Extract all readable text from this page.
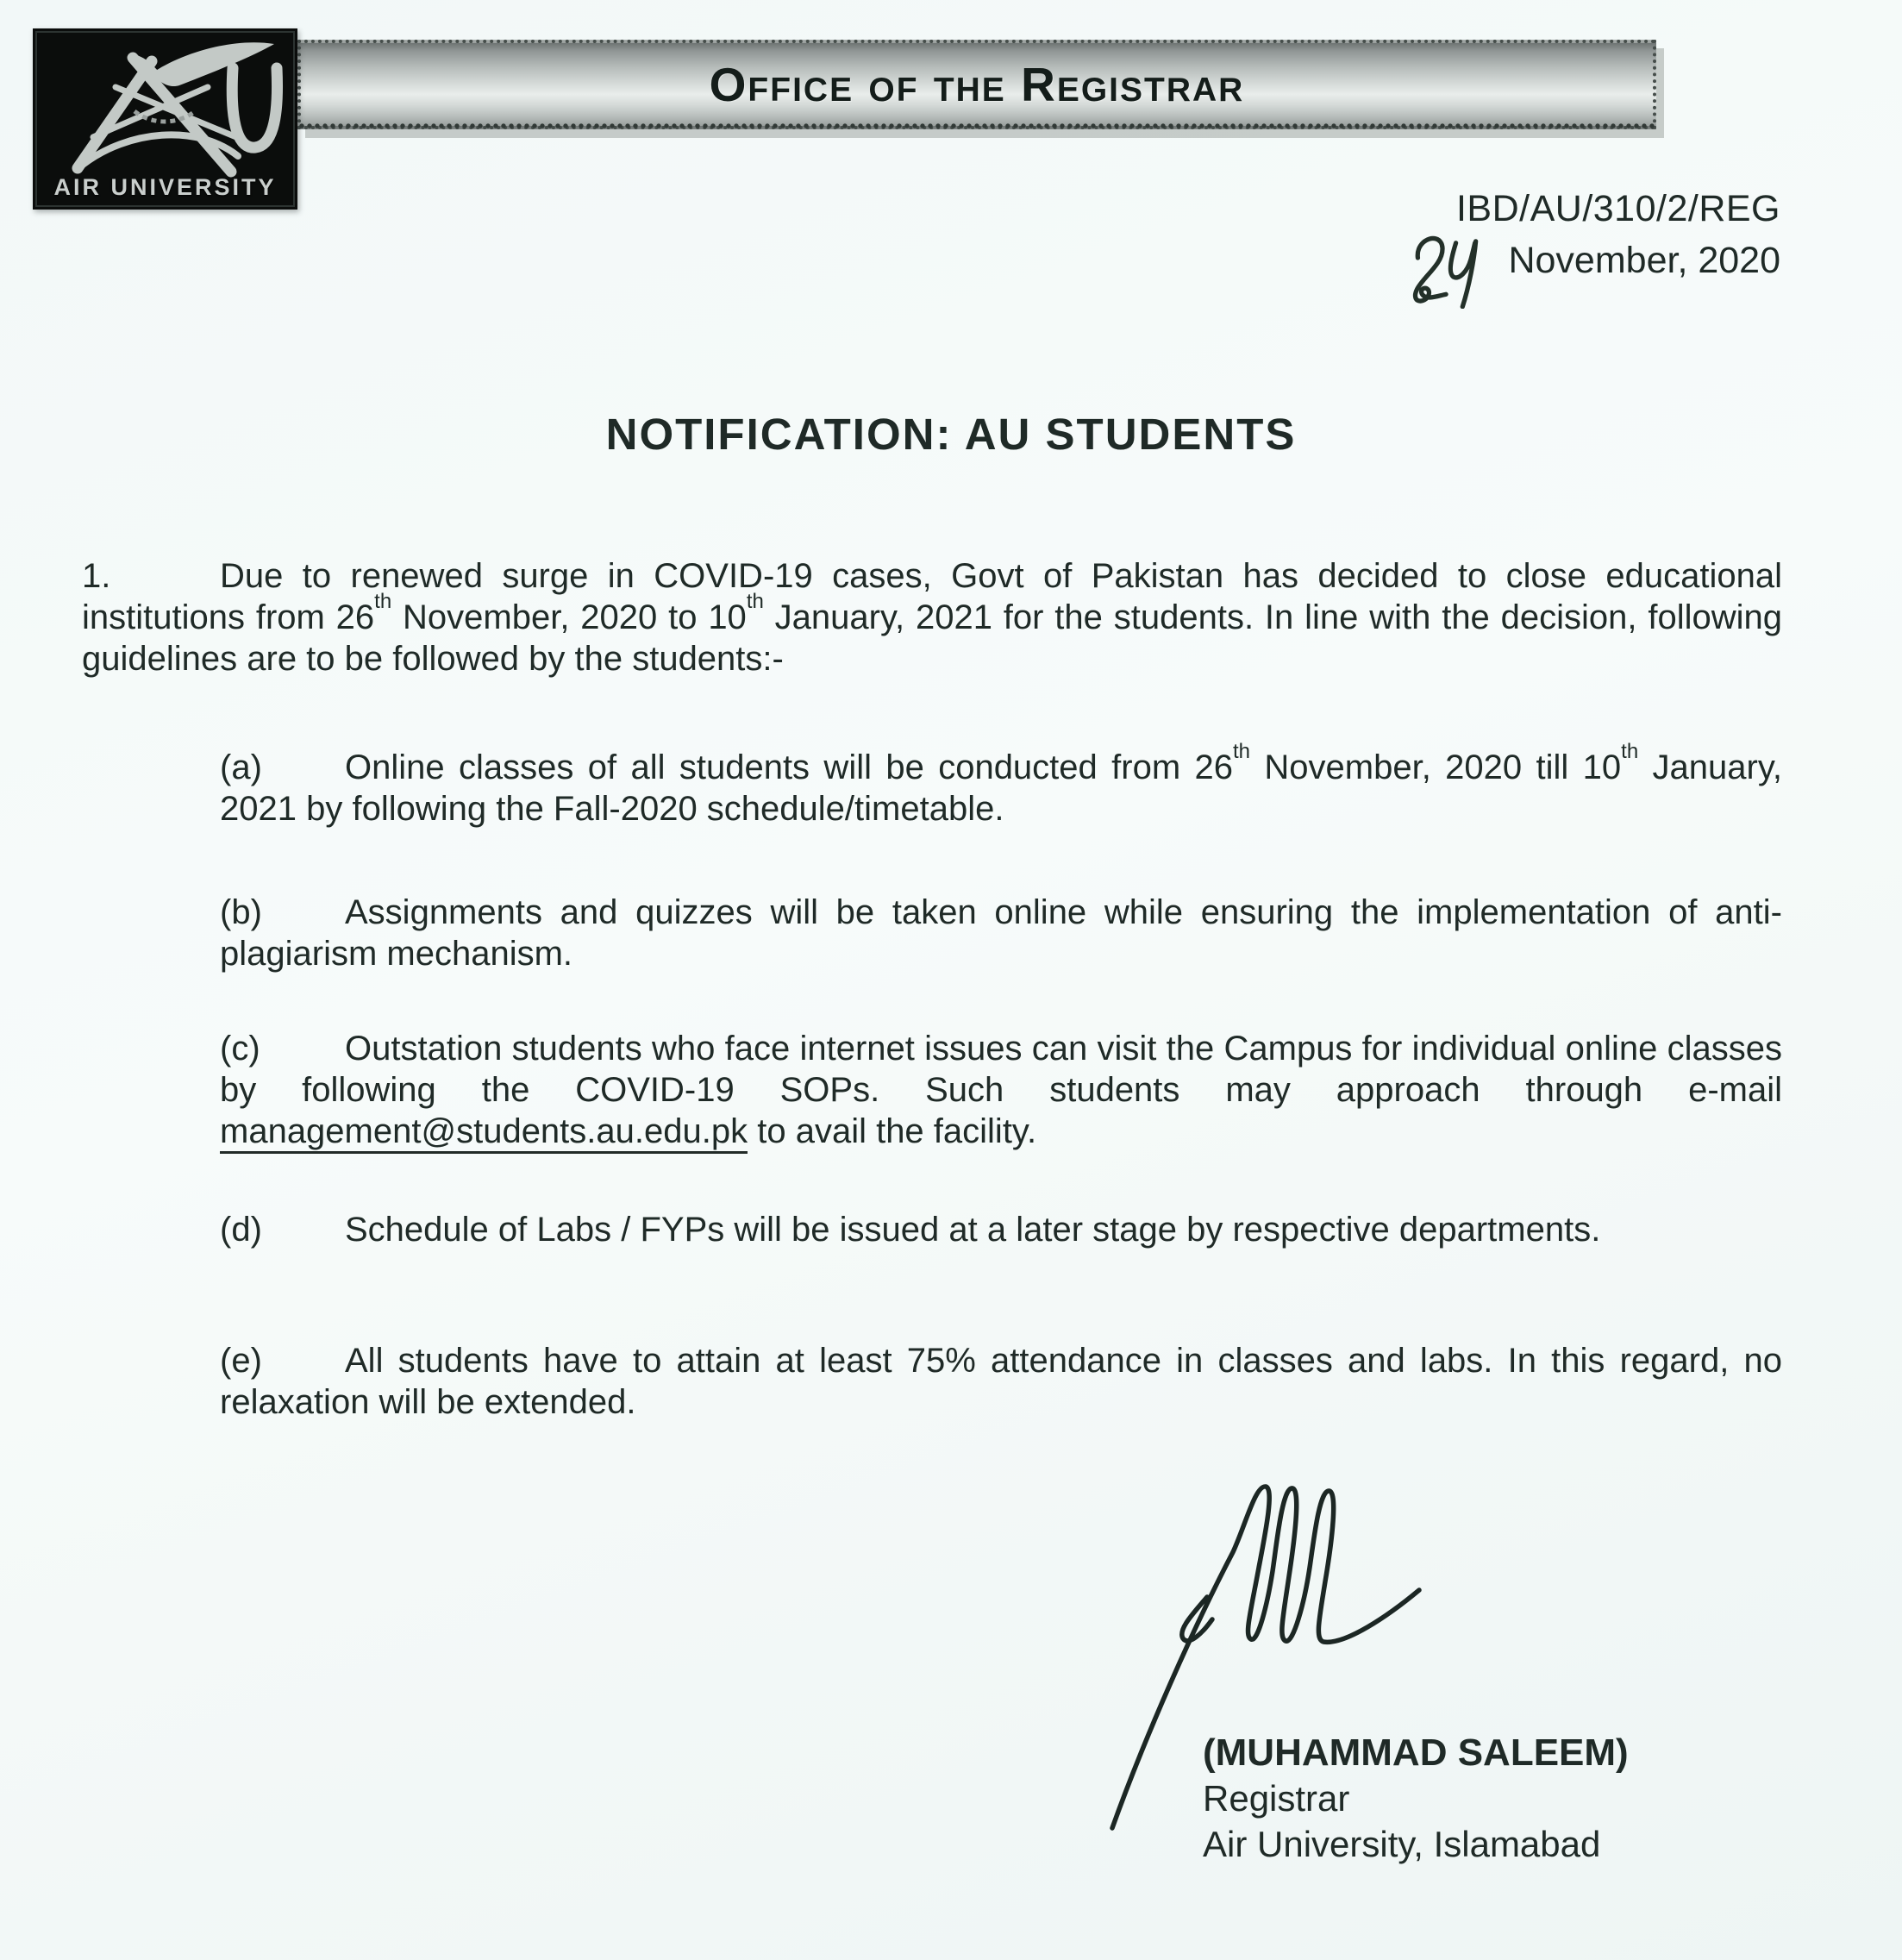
AIR UNIVERSITY
Office of the Registrar
IBD/AU/310/2/REG
November, 2020
NOTIFICATION: AU STUDENTS
1.	Due to renewed surge in COVID-19 cases, Govt of Pakistan has decided to close educational institutions from 26th November, 2020 to 10th January, 2021 for the students. In line with the decision, following guidelines are to be followed by the students:-
(a) Online classes of all students will be conducted from 26th November, 2020 till 10th January, 2021 by following the Fall-2020 schedule/timetable.
(b) Assignments and quizzes will be taken online while ensuring the implementation of anti-plagiarism mechanism.
(c) Outstation students who face internet issues can visit the Campus for individual online classes by following the COVID-19 SOPs. Such students may approach through e-mail management@students.au.edu.pk to avail the facility.
(d) Schedule of Labs / FYPs will be issued at a later stage by respective departments.
(e) All students have to attain at least 75% attendance in classes and labs. In this regard, no relaxation will be extended.
(MUHAMMAD SALEEM)
Registrar
Air University, Islamabad
